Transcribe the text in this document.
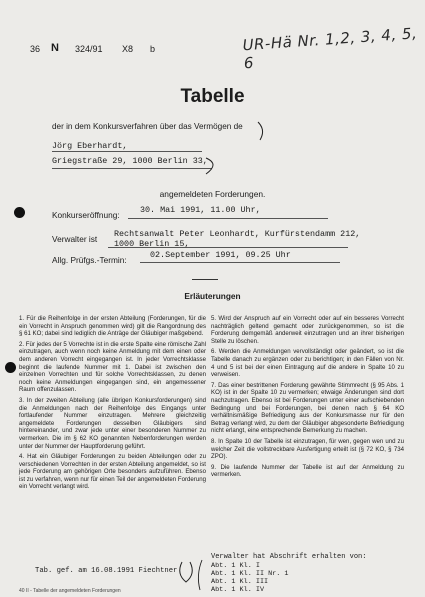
36 N 324/91 X8 b	UR-Hä Nr. 1,2, 3, 4, 5, 6
Tabelle
der in dem Konkursverfahren über das Vermögen de
Jörg Eberhardt,
Griegstraße 29, 1000 Berlin 33,
angemeldeten Forderungen.
Konkurseröffnung: 30. Mai 1991, 11.00 Uhr,
Verwalter ist Rechtsanwalt Peter Leonhardt, Kurfürstendamm 212,
1000 Berlin 15,
Allg. Prüfgs.-Termin:	02.September 1991, 09.25 Uhr
Erläuterungen

1. Für die Reihenfolge in der ersten Abteilung (Forderungen, für die ein Vorrecht in Anspruch genommen wird) gilt die Rangordnung des § 61 KO; dabei sind lediglich die Anträge der Gläubiger maßgebend.

2. Für jedes der 5 Vorrechte ist in die erste Spalte eine römische Zahl einzutragen, auch wenn noch keine Anmeldung mit dem einen oder dem anderen Vorrecht eingegangen ist. In jeder Vorrechtsklasse beginnt die laufende Nummer mit 1. Dabei ist zwischen den einzelnen Vorrechten und für solche Vorrechtsklassen, zu denen noch keine Anmeldungen eingegangen sind, ein angemessener Raum offenzulassen.

3. In der zweiten Abteilung (alle übrigen Konkursforderungen) sind die Anmeldungen nach der Reihenfolge des Eingangs unter fortlaufender Nummer einzutragen. Mehrere gleichzeitig angemeldete Forderungen desselben Gläubigers sind hintereinander, und zwar jede unter einer besonderen Nummer zu vermerken. Die im § 62 KO genannten Nebenforderungen werden unter der Nummer der Hauptforderung geführt.

4. Hat ein Gläubiger Forderungen zu beiden Abteilungen oder zu verschiedenen Vorrechten in der ersten Abteilung angemeldet, so ist jede Forderung am gehörigen Orte besonders aufzuführen. Ebenso ist zu verfahren, wenn nur für einen Teil der angemeldeten Forderung ein Vorrecht verlangt wird.

5. Wird der Anspruch auf ein Vorrecht oder auf ein besseres Vorrecht nachträglich geltend gemacht oder zurückgenommen, so ist die Forderung demgemäß anderweit einzutragen und an ihrer bisherigen Stelle zu löschen.

6. Werden die Anmeldungen vervollständigt oder geändert, so ist die Tabelle danach zu ergänzen oder zu berichtigen; in den Fällen von Nr. 4 und 5 ist bei der einen Eintragung auf die andere in Spalte 10 zu verweisen.

7. Das einer bestrittenen Forderung gewährte Stimmrecht (§ 95 Abs. 1 KO) ist in der Spalte 10 zu vermerken; etwaige Änderungen sind dort nachzutragen. Ebenso ist bei Forderungen unter einer aufschiebenden Bedingung und bei Forderungen, bei denen nach § 64 KO verhältnismäßige Befriedigung aus der Konkursmasse nur für den Betrag verlangt wird, zu dem der Gläubiger abgesonderte Befriedigung nicht erlangt, eine entsprechende Bemerkung zu machen.

8. In Spalte 10 der Tabelle ist einzutragen, für wen, gegen wen und zu welcher Zeit die vollstreckbare Ausfertigung erteilt ist (§ 72 KO, § 734 ZPO).

9. Die laufende Nummer der Tabelle ist auf der Anmeldung zu vermerken.

Tab. gef. am 16.08.1991 Fiechtner
Verwalter hat Abschrift erhalten von:
Abt. 1 Kl. I
Abt. 1 Kl. II Nr. 1
Abt. 1 Kl. III
Abt. 1 Kl. IV
40 II - Tabelle der angemeldeten Forderungen
